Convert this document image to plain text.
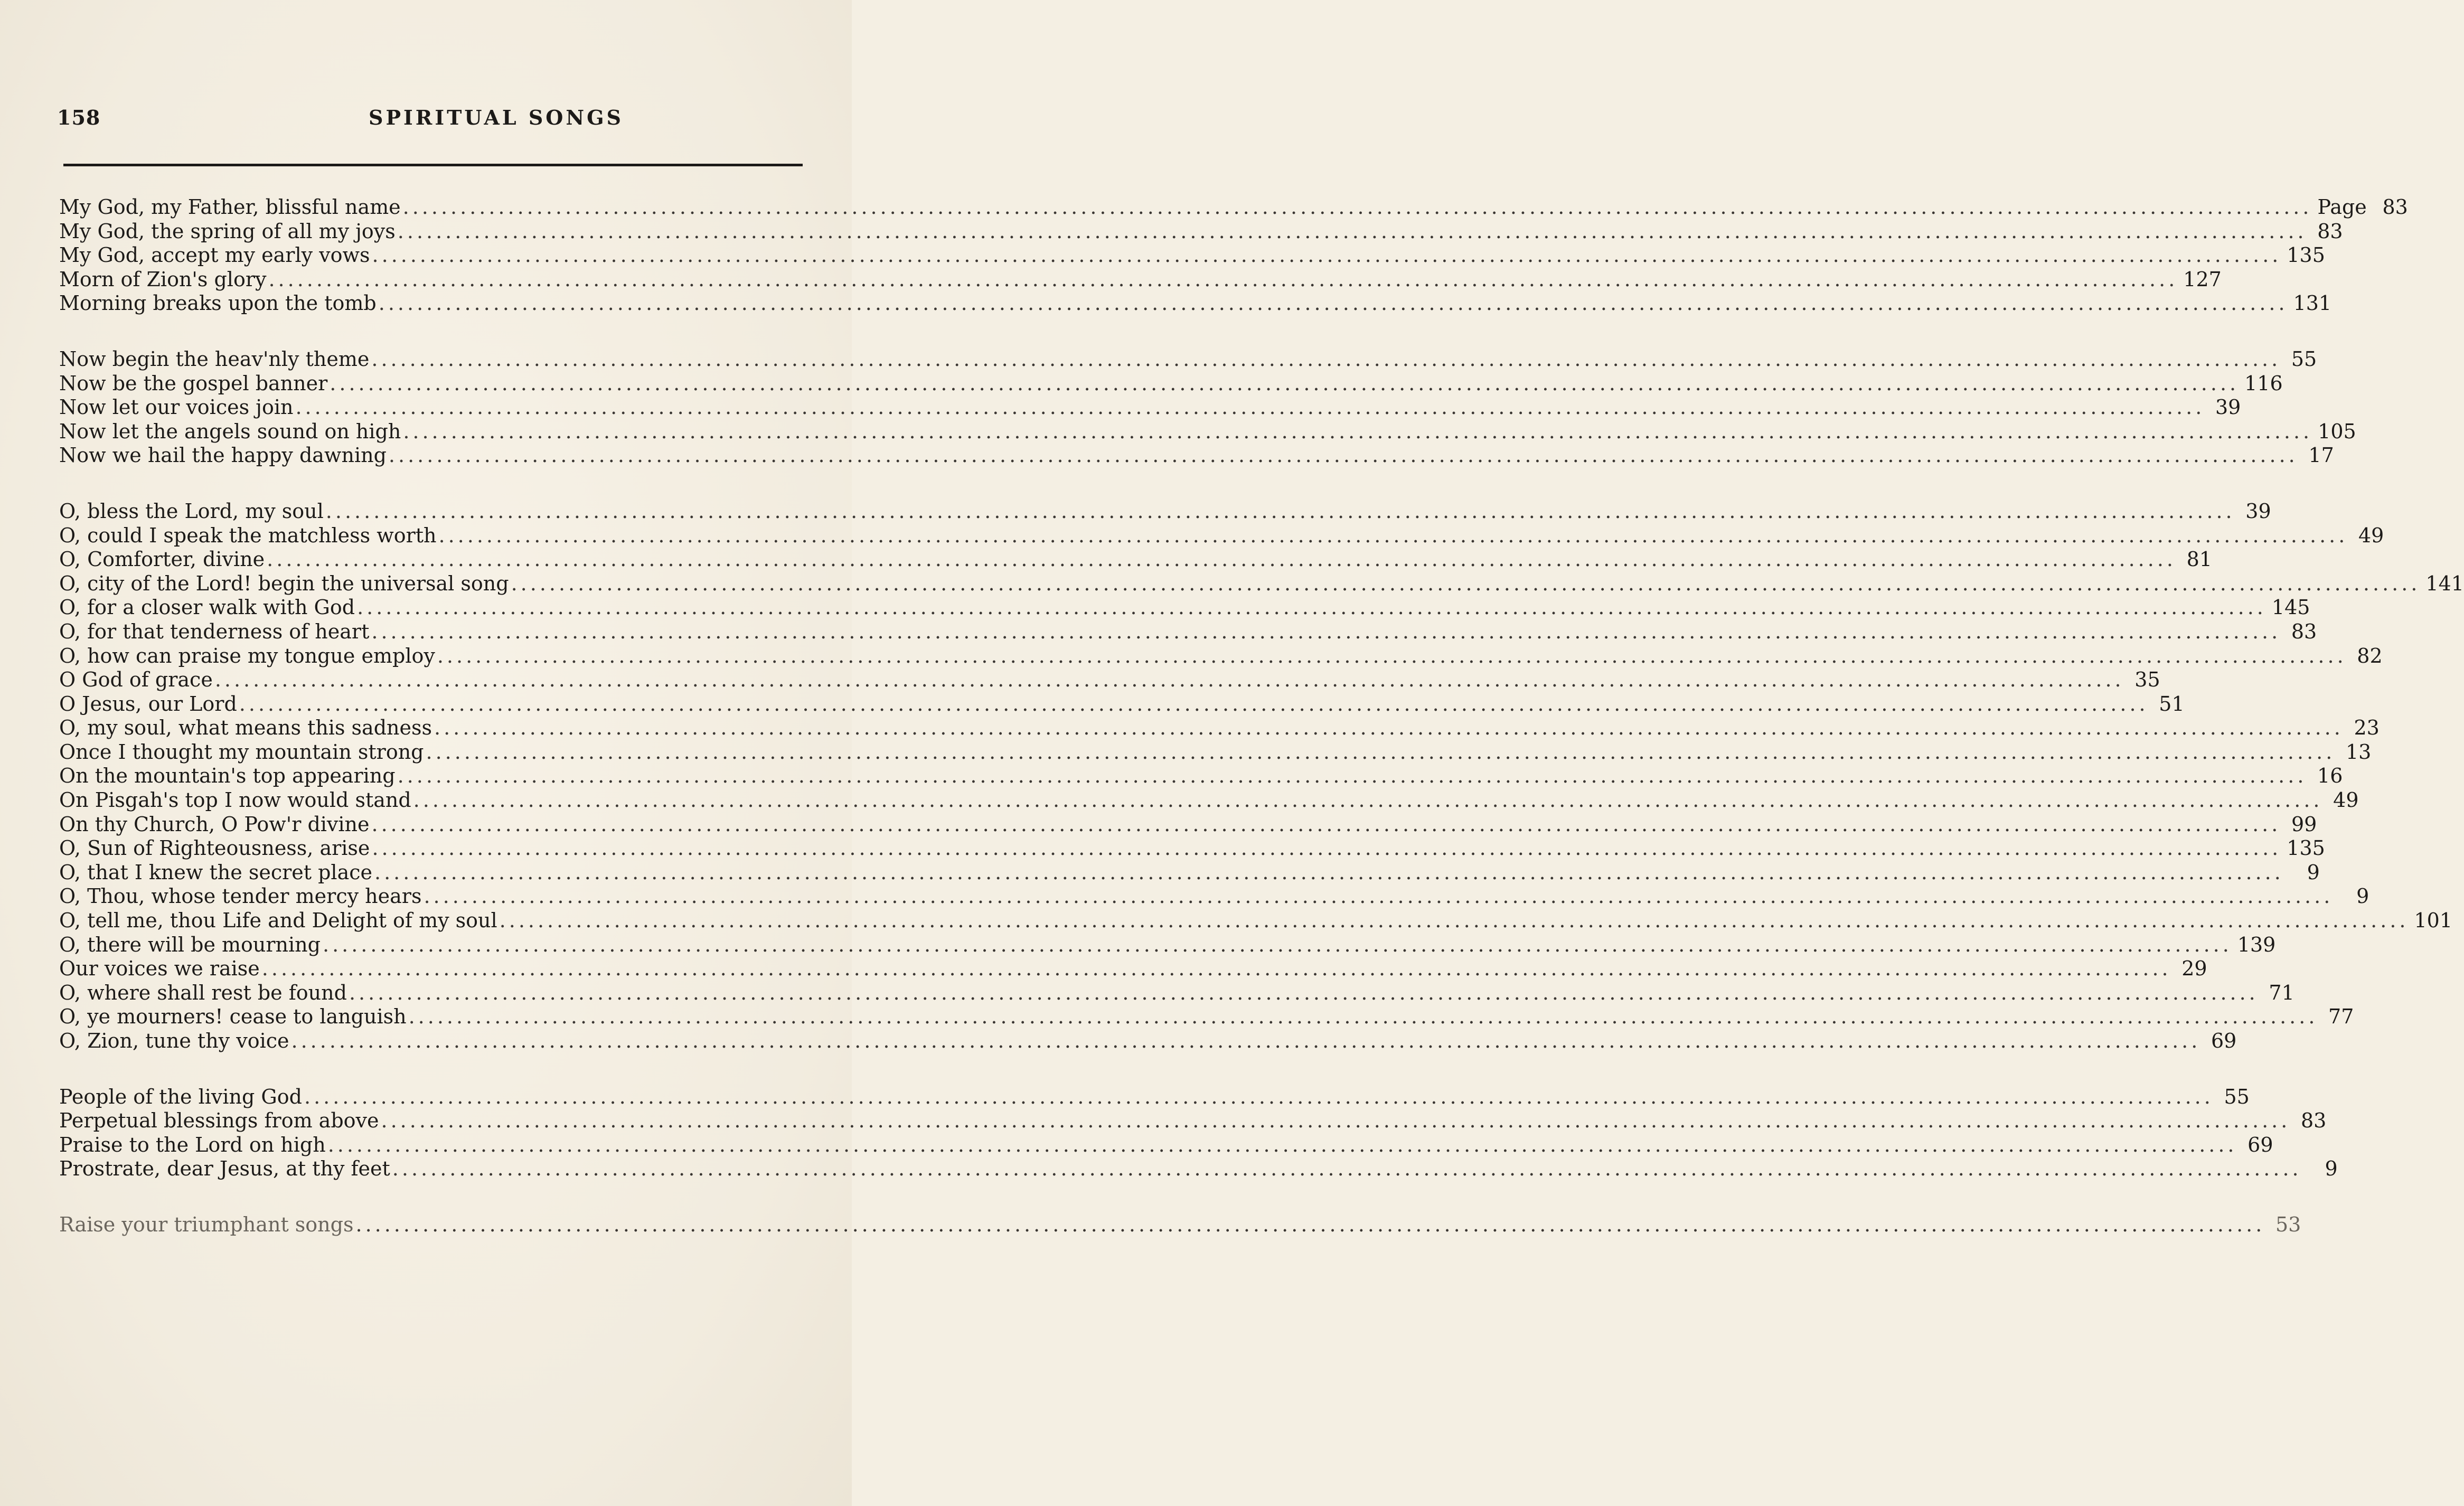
158	SPIRITUAL SONGS
My God, my Father, blissful name .....	Page 83
My God, the spring of all my joys .....	83
My God, accept my early vows .....	135
Morn of Zion's glory .....	127
Morning breaks upon the tomb .....	131
Now begin the heav'nly theme .....	55
Now be the gospel banner .....	116
Now let our voices join .....	39
Now let the angels sound on high .....	105
Now we hail the happy dawning .....	17
O, bless the Lord, my soul .....	39
O, could I speak the matchless worth .....	49
O, Comforter, divine .....	81
O, city of the Lord! begin the universal song .....	141
O, for a closer walk with God .....	145
O, for that tenderness of heart .....	83
O, how can praise my tongue employ .....	82
O God of grace .....	35
O Jesus, our Lord .....	51
O, my soul, what means this sadness .....	23
Once I thought my mountain strong .....	13
On the mountain's top appearing .....	16
On Pisgah's top I now would stand .....	49
On thy Church, O Pow'r divine .....	99
O, Sun of Righteousness, arise .....	135
O, that I knew the secret place .....	9
O, Thou, whose tender mercy hears .....	9
O, tell me, thou Life and Delight of my soul .....	101
O, there will be mourning .....	139
Our voices we raise .....	29
O, where shall rest be found .....	71
O, ye mourners! cease to languish .....	77
O, Zion, tune thy voice .....	69
People of the living God .....	55
Perpetual blessings from above .....	83
Praise to the Lord on high .....	69
Prostrate, dear Jesus, at thy feet .....	9
Raise your triumphant songs .....	53
